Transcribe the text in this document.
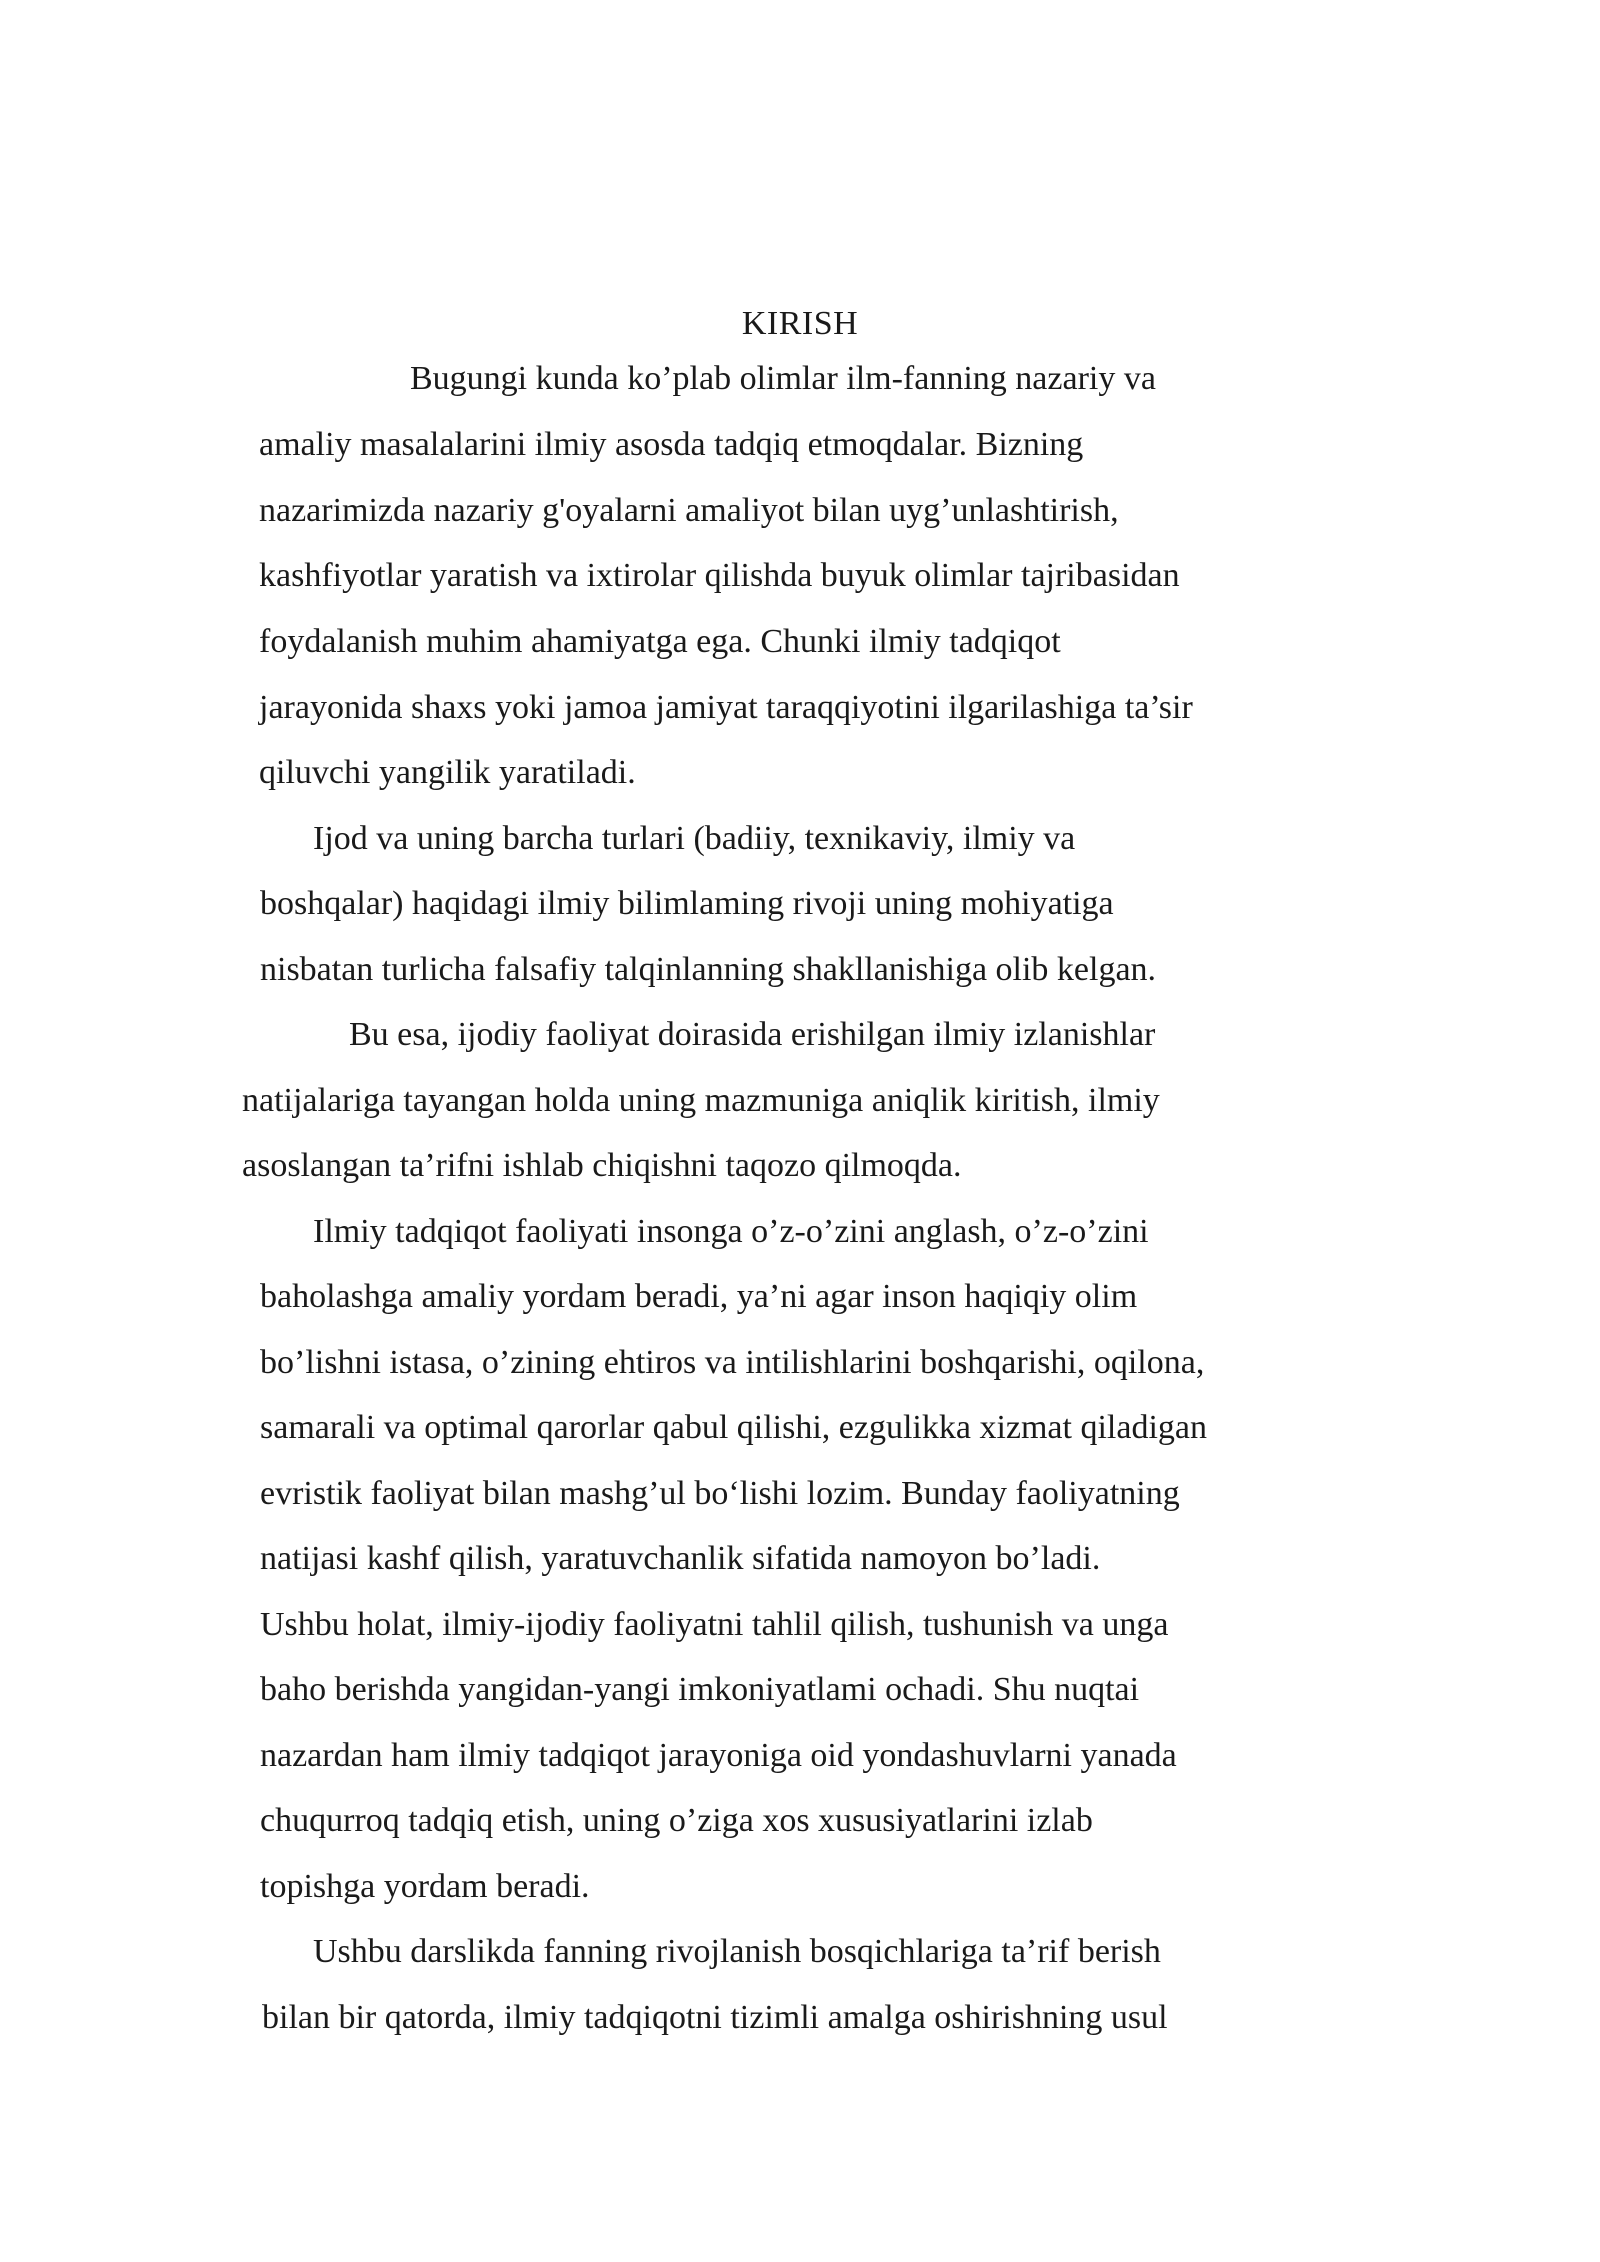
KIRISH
Bugungi kunda ko’plab olimlar ilm-fanning nazariy va
amaliy masalalarini ilmiy asosda tadqiq etmoqdalar. Bizning
nazarimizda nazariy g'oyalarni amaliyot bilan uyg’unlashtirish,
kashfiyotlar yaratish va ixtirolar qilishda buyuk olimlar tajribasidan
foydalanish muhim ahamiyatga ega. Chunki ilmiy tadqiqot
jarayonida shaxs yoki jamoa jamiyat taraqqiyotini ilgarilashiga ta’sir
qiluvchi yangilik yaratiladi.
Ijod va uning barcha turlari (badiiy, texnikaviy, ilmiy va
boshqalar) haqidagi ilmiy bilimlaming rivoji uning mohiyatiga
nisbatan turlicha falsafiy talqinlanning shakllanishiga olib kelgan.
Bu esa, ijodiy faoliyat doirasida erishilgan ilmiy izlanishlar
natijalariga tayangan holda uning mazmuniga aniqlik kiritish, ilmiy
asoslangan ta’rifni ishlab chiqishni taqozo qilmoqda.
Ilmiy tadqiqot faoliyati insonga o’z-o’zini anglash, o’z-o’zini
baholashga amaliy yordam beradi, ya’ni agar inson haqiqiy olim
bo’lishni istasa, o’zining ehtiros va intilishlarini boshqarishi, oqilona,
samarali va optimal qarorlar qabul qilishi, ezgulikka xizmat qiladigan
evristik faoliyat bilan mashg’ul bo‘lishi lozim. Bunday faoliyatning
natijasi kashf qilish, yaratuvchanlik sifatida namoyon bo’ladi.
Ushbu holat, ilmiy-ijodiy faoliyatni tahlil qilish, tushunish va unga
baho berishda yangidan-yangi imkoniyatlami ochadi. Shu nuqtai
nazardan ham ilmiy tadqiqot jarayoniga oid yondashuvlarni yanada
chuqurroq tadqiq etish, uning o’ziga xos xususiyatlarini izlab
topishga yordam beradi.
Ushbu darslikda fanning rivojlanish bosqichlariga ta’rif berish
bilan bir qatorda, ilmiy tadqiqotni tizimli amalga oshirishning usul
